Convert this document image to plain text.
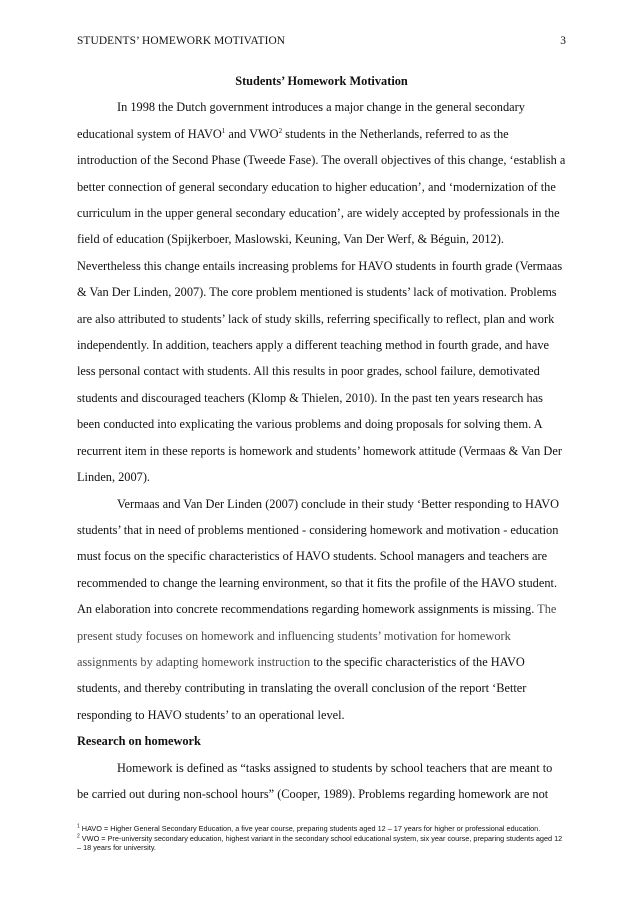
STUDENTS’ HOMEWORK MOTIVATION	3

Students’ Homework Motivation

In 1998 the Dutch government introduces a major change in the general secondary educational system of HAVO$^1$ and VWO$^2$ students in the Netherlands, referred to as the introduction of the Second Phase (Tweede Fase). The overall objectives of this change, ‘establish a better connection of general secondary education to higher education’, and ‘modernization of the curriculum in the upper general secondary education’, are widely accepted by professionals in the field of education (Spijkerboer, Maslowski, Keuning, Van Der Werf, & Béguin, 2012). Nevertheless this change entails increasing problems for HAVO students in fourth grade (Vermaas & Van Der Linden, 2007). The core problem mentioned is students’ lack of motivation. Problems are also attributed to students’ lack of study skills, referring specifically to reflect, plan and work independently. In addition, teachers apply a different teaching method in fourth grade, and have less personal contact with students. All this results in poor grades, school failure, demotivated students and discouraged teachers (Klomp & Thielen, 2010). In the past ten years research has been conducted into explicating the various problems and doing proposals for solving them. A recurrent item in these reports is homework and students’ homework attitude (Vermaas & Van Der Linden, 2007).

Vermaas and Van Der Linden (2007) conclude in their study ‘Better responding to HAVO students’ that in need of problems mentioned - considering homework and motivation - education must focus on the specific characteristics of HAVO students. School managers and teachers are recommended to change the learning environment, so that it fits the profile of the HAVO student. An elaboration into concrete recommendations regarding homework assignments is missing. The present study focuses on homework and influencing students’ motivation for homework assignments by adapting homework instruction to the specific characteristics of the HAVO students, and thereby contributing in translating the overall conclusion of the report ‘Better responding to HAVO students’ to an operational level.

Research on homework

Homework is defined as “tasks assigned to students by school teachers that are meant to be carried out during non-school hours” (Cooper, 1989). Problems regarding homework are not

$^1$ HAVO = Higher General Secondary Education, a five year course, preparing students aged 12 – 17 years for higher or professional education.
$^2$ VWO = Pre-university secondary education, highest variant in the secondary school educational system, six year course, preparing students aged 12 – 18 years for university.
